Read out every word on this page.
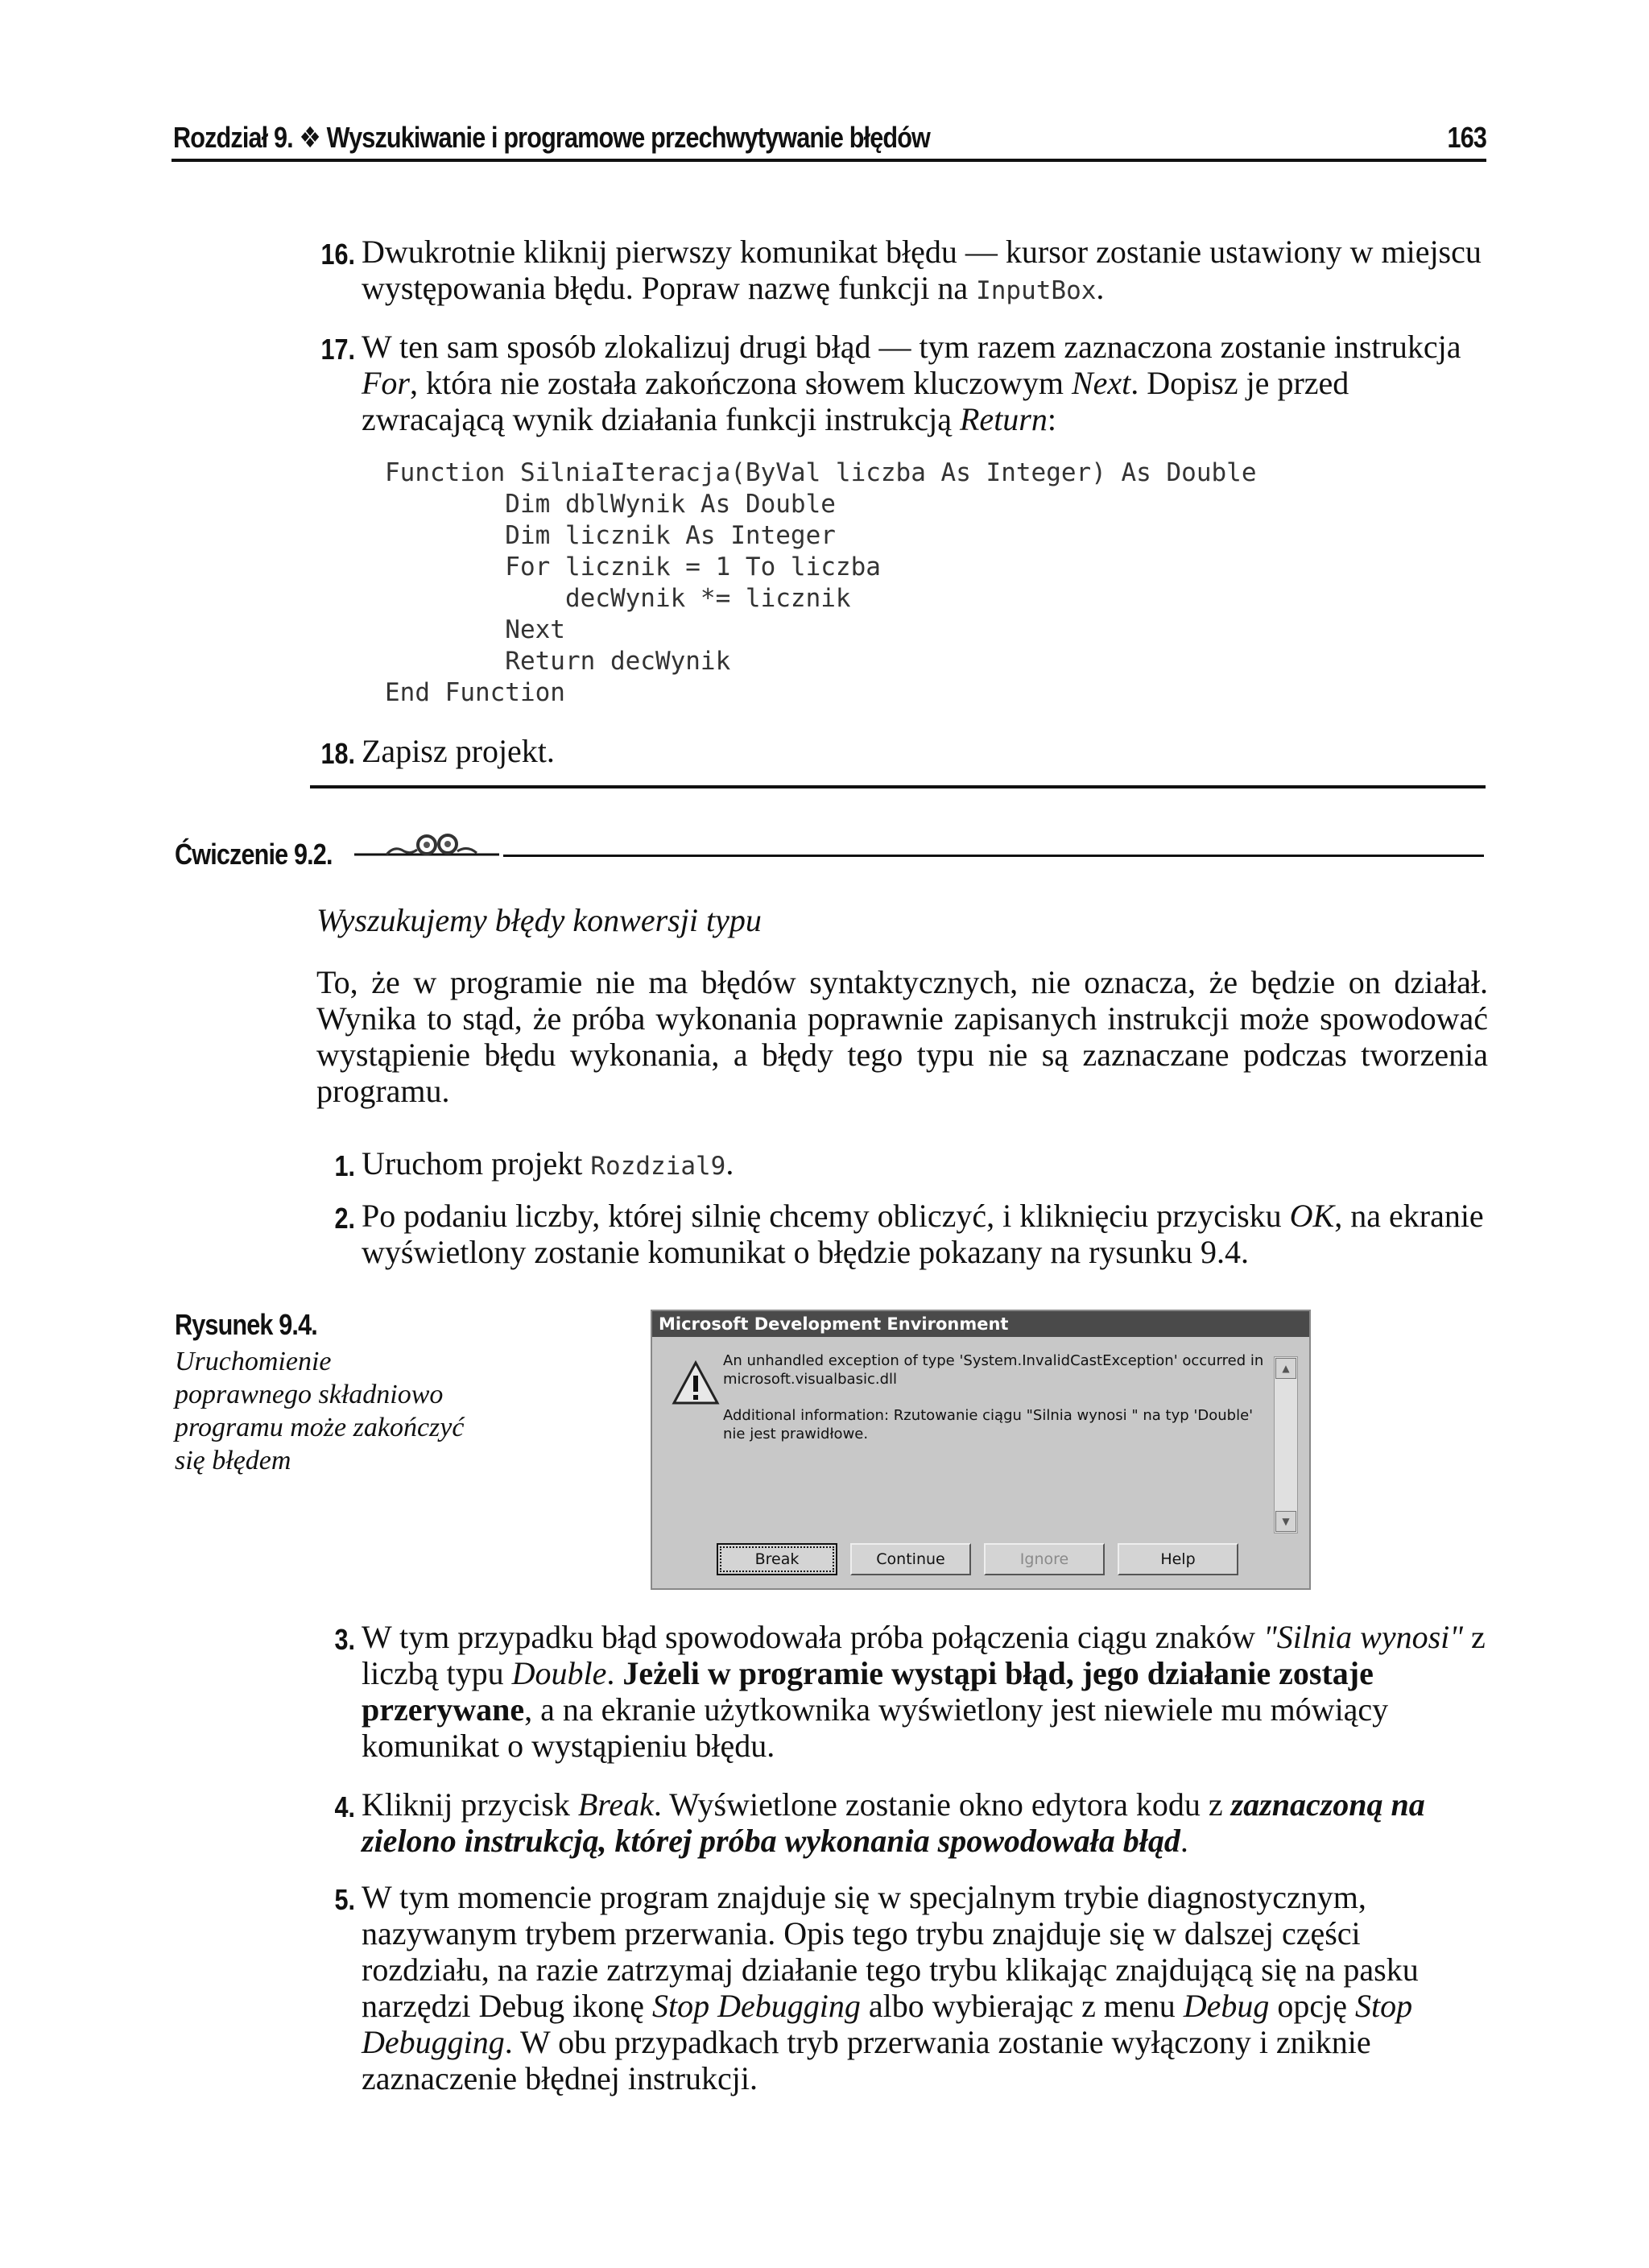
Rozdział 9. ❖ Wyszukiwanie i programowe przechwytywanie błędów	163
16. Dwukrotnie kliknij pierwszy komunikat błędu — kursor zostanie ustawiony w miejscu występowania błędu. Popraw nazwę funkcji na InputBox.
17. W ten sam sposób zlokalizuj drugi błąd — tym razem zaznaczona zostanie instrukcja For, która nie została zakończona słowem kluczowym Next. Dopisz je przed zwracającą wynik działania funkcji instrukcją Return:
Function SilniaIteracja(ByVal liczba As Integer) As Double
Dim dblWynik As Double
Dim licznik As Integer
For licznik = 1 To liczba
decWynik *= licznik
Next
Return decWynik
End Function
18. Zapisz projekt.
Ćwiczenie 9.2.
Wyszukujemy błędy konwersji typu
To, że w programie nie ma błędów syntaktycznych, nie oznacza, że będzie on działał. Wynika to stąd, że próba wykonania poprawnie zapisanych instrukcji może spowodować wystąpienie błędu wykonania, a błędy tego typu nie są zaznaczane podczas tworzenia programu.
1. Uruchom projekt Rozdzial9.
2. Po podaniu liczby, której silnię chcemy obliczyć, i kliknięciu przycisku OK, na ekranie wyświetlony zostanie komunikat o błędzie pokazany na rysunku 9.4.
Rysunek 9.4.
Uruchomienie poprawnego składniowo programu może zakończyć się błędem
Microsoft Development Environment

An unhandled exception of type 'System.InvalidCastException' occurred in microsoft.visualbasic.dll

Additional information: Rzutowanie ciągu "Silnia wynosi " na typ 'Double' nie jest prawidłowe.

▲
▼
Break	Continue	Ignore	Help
3. W tym przypadku błąd spowodowała próba połączenia ciągu znaków "Silnia wynosi" z liczbą typu Double. Jeżeli w programie wystąpi błąd, jego działanie zostaje przerywane, a na ekranie użytkownika wyświetlony jest niewiele mu mówiący komunikat o wystąpieniu błędu.
4. Kliknij przycisk Break. Wyświetlone zostanie okno edytora kodu z zaznaczoną na zielono instrukcją, której próba wykonania spowodowała błąd.
5. W tym momencie program znajduje się w specjalnym trybie diagnostycznym, nazywanym trybem przerwania. Opis tego trybu znajduje się w dalszej części rozdziału, na razie zatrzymaj działanie tego trybu klikając znajdującą się na pasku narzędzi Debug ikonę Stop Debugging albo wybierając z menu Debug opcję Stop Debugging. W obu przypadkach tryb przerwania zostanie wyłączony i zniknie zaznaczenie błędnej instrukcji.
